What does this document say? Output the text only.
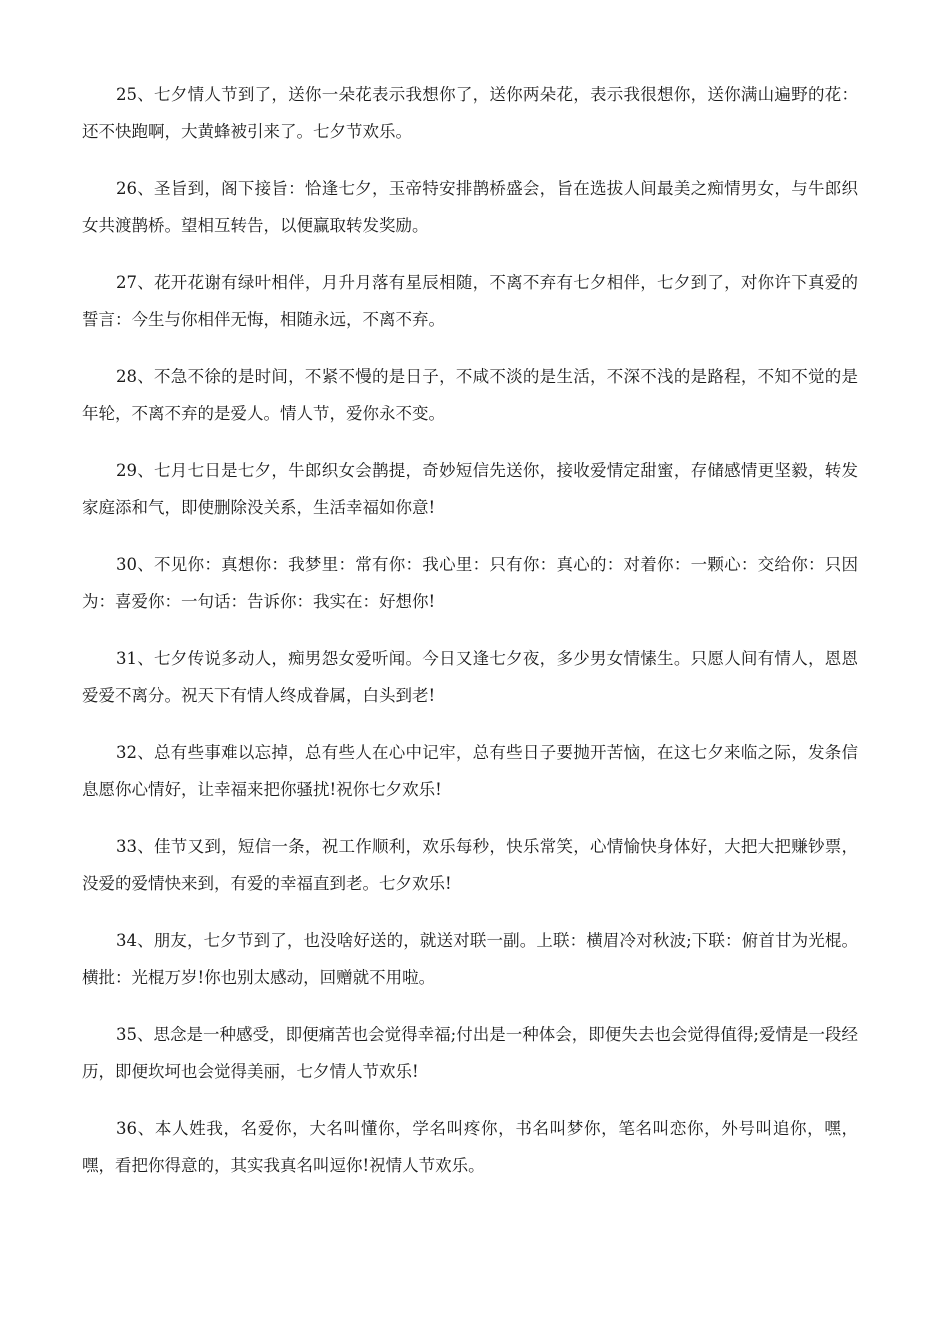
25、七夕情人节到了，送你一朵花表示我想你了，送你两朵花，表示我很想你，送你满山遍野的花：还不快跑啊，大黄蜂被引来了。七夕节欢乐。

26、圣旨到，阁下接旨：恰逢七夕，玉帝特安排鹊桥盛会，旨在选拔人间最美之痴情男女，与牛郎织女共渡鹊桥。望相互转告，以便赢取转发奖励。

27、花开花谢有绿叶相伴，月升月落有星辰相随，不离不弃有七夕相伴，七夕到了，对你许下真爱的誓言：今生与你相伴无悔，相随永远，不离不弃。

28、不急不徐的是时间，不紧不慢的是日子，不咸不淡的是生活，不深不浅的是路程，不知不觉的是年轮，不离不弃的是爱人。情人节，爱你永不变。

29、七月七日是七夕，牛郎织女会鹊提，奇妙短信先送你，接收爱情定甜蜜，存储感情更坚毅，转发家庭添和气，即使删除没关系，生活幸福如你意!

30、不见你：真想你：我梦里：常有你：我心里：只有你：真心的：对着你：一颗心：交给你：只因为：喜爱你：一句话：告诉你：我实在：好想你!

31、七夕传说多动人，痴男怨女爱听闻。今日又逢七夕夜，多少男女情愫生。只愿人间有情人，恩恩爱爱不离分。祝天下有情人终成眷属，白头到老!

32、总有些事难以忘掉，总有些人在心中记牢，总有些日子要抛开苦恼，在这七夕来临之际，发条信息愿你心情好，让幸福来把你骚扰!祝你七夕欢乐!

33、佳节又到，短信一条，祝工作顺利，欢乐每秒，快乐常笑，心情愉快身体好，大把大把赚钞票，没爱的爱情快来到，有爱的幸福直到老。七夕欢乐!

34、朋友，七夕节到了，也没啥好送的，就送对联一副。上联：横眉冷对秋波;下联：俯首甘为光棍。横批：光棍万岁!你也别太感动，回赠就不用啦。

35、思念是一种感受，即便痛苦也会觉得幸福;付出是一种体会，即便失去也会觉得值得;爱情是一段经历，即便坎坷也会觉得美丽，七夕情人节欢乐!

36、本人姓我，名爱你，大名叫懂你，学名叫疼你，书名叫梦你，笔名叫恋你，外号叫追你，嘿，嘿，看把你得意的，其实我真名叫逗你!祝情人节欢乐。
